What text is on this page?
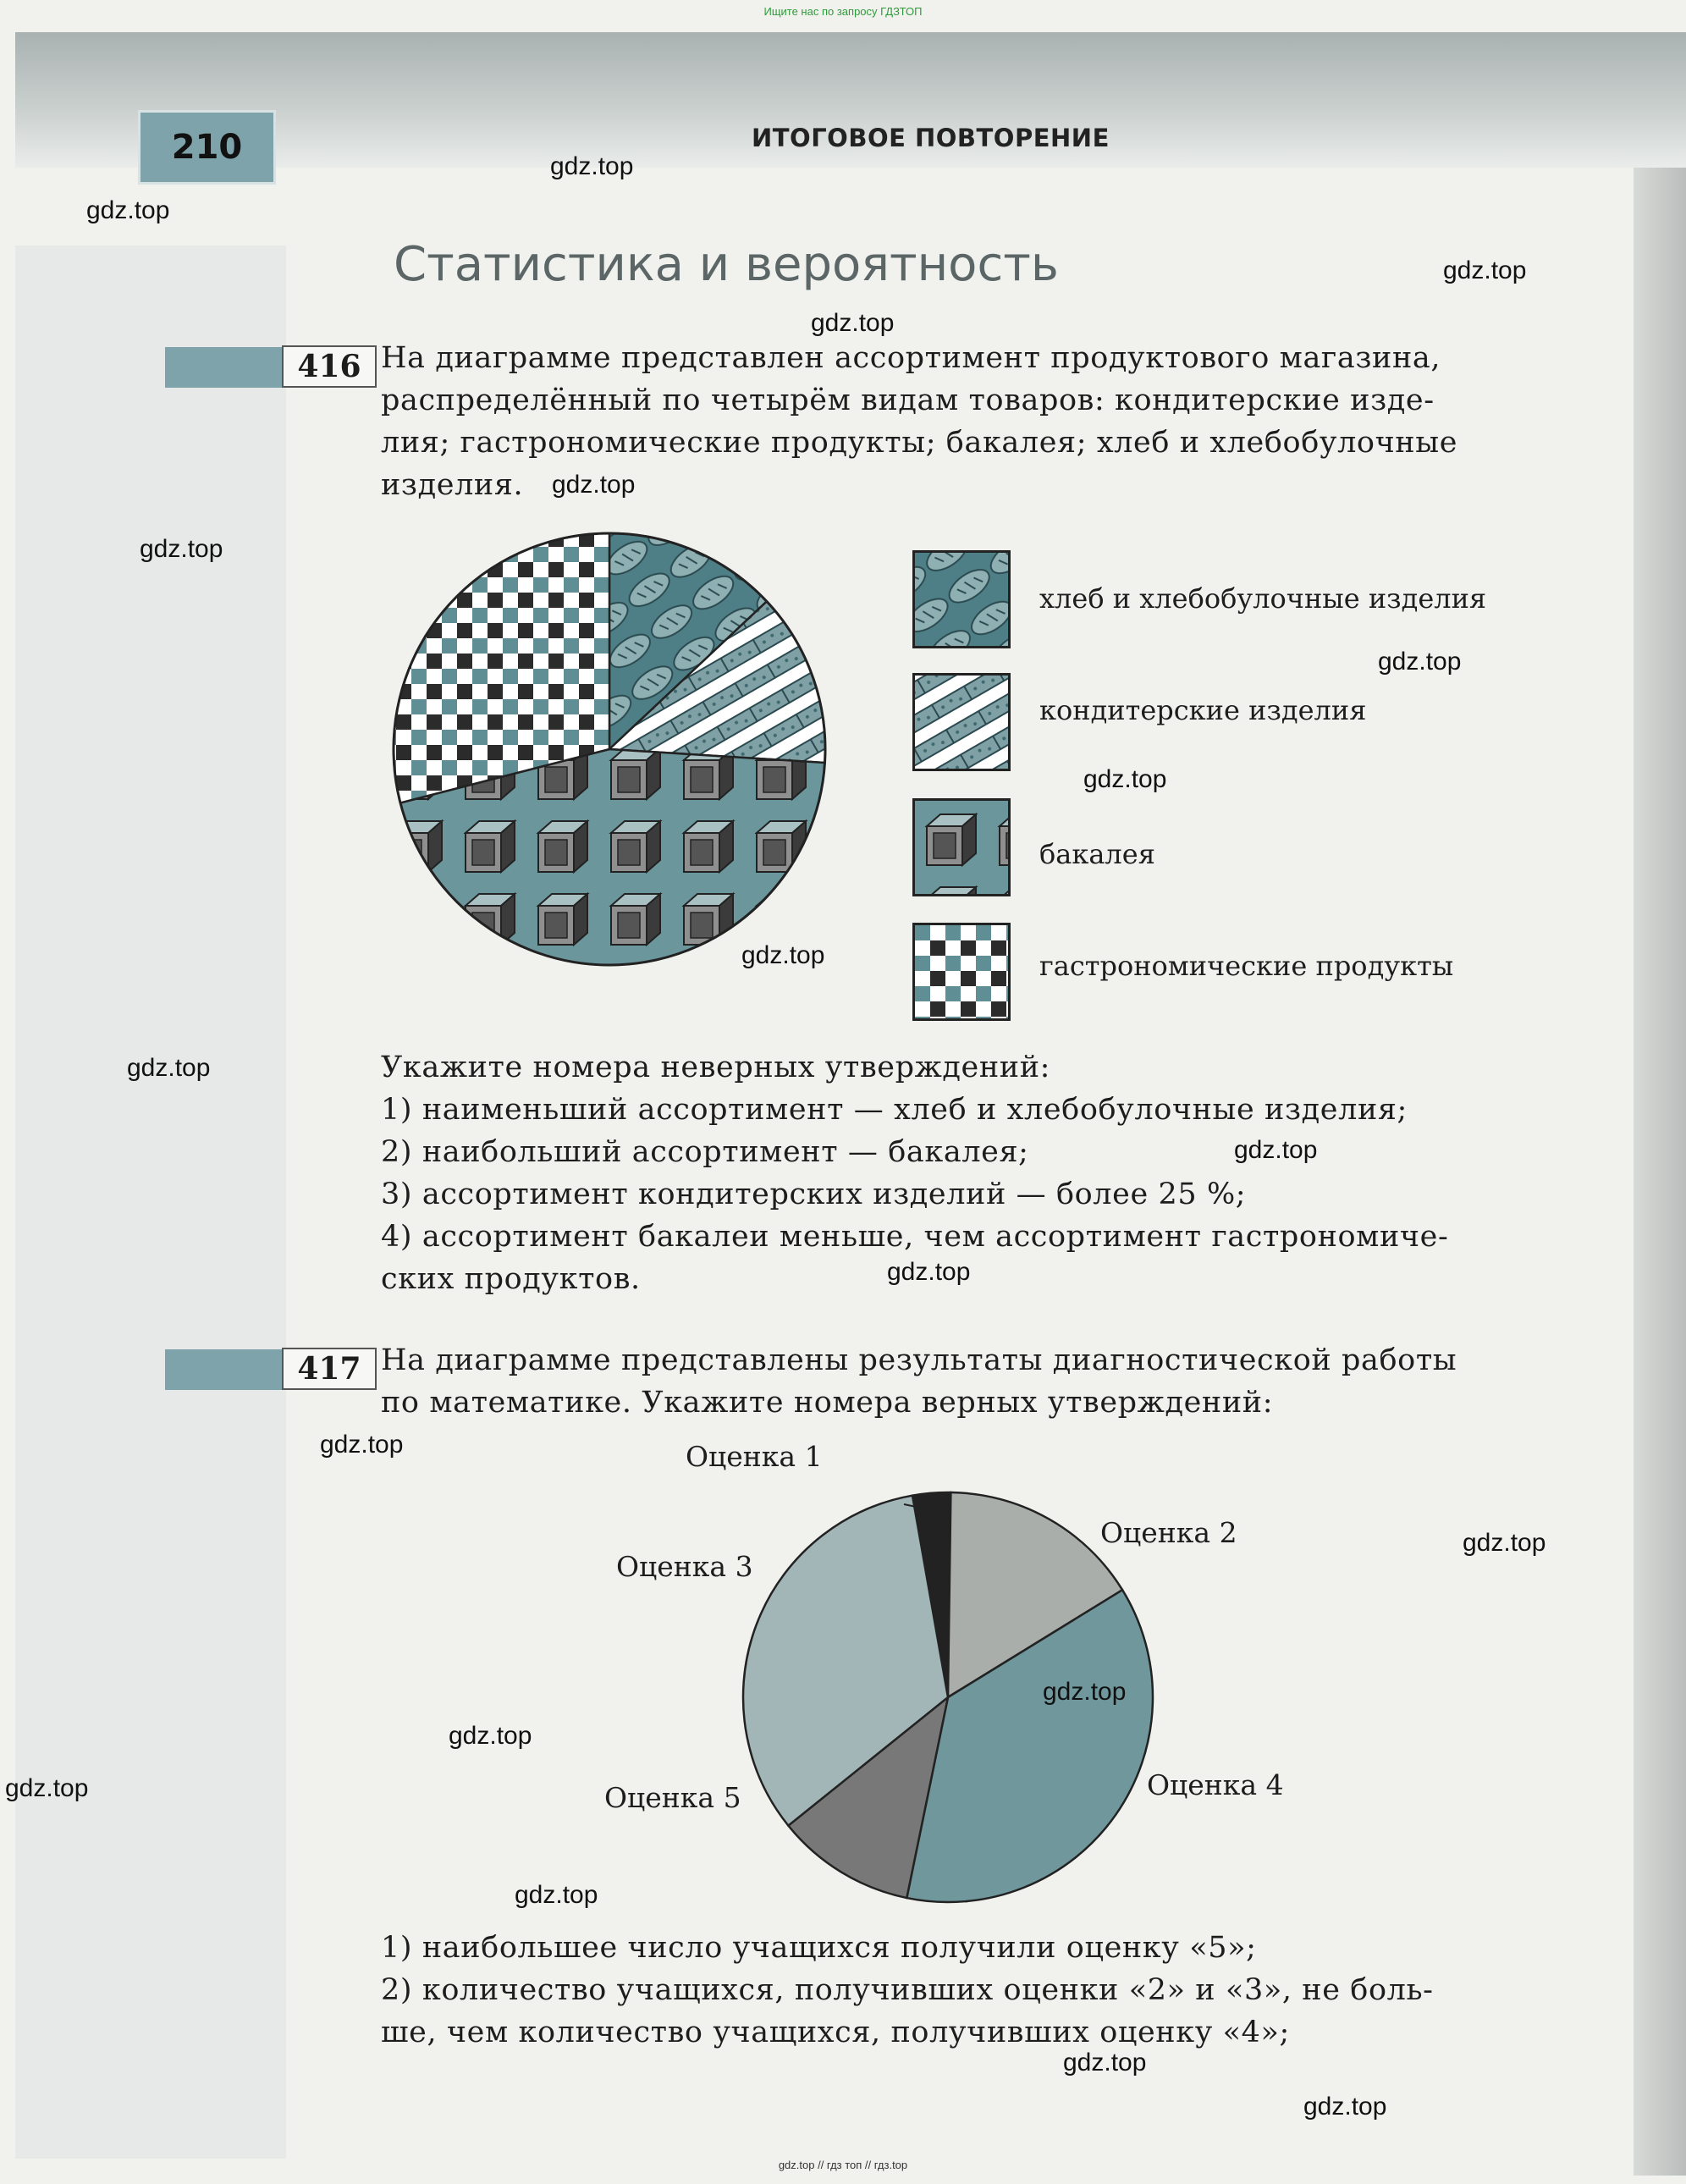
Ищите нас по запросу ГДЗТОП
210	ИТОГОВОЕ ПОВТОРЕНИЕ
Статистика и вероятность
416 На диаграмме представлен ассортимент продуктового магазина,
распределённый по четырём видам товаров: кондитерские изде-
лия; гастрономические продукты; бакалея; хлеб и хлебобулочные
изделия.
хлеб и хлебобулочные изделия
кондитерские изделия
бакалея
гастрономические продукты
Укажите номера неверных утверждений:
1) наименьший ассортимент — хлеб и хлебобулочные изделия;
2) наибольший ассортимент — бакалея;
3) ассортимент кондитерских изделий — более 25 %;
4) ассортимент бакалеи меньше, чем ассортимент гастрономиче-
ских продуктов.
417 На диаграмме представлены результаты диагностической работы
по математике. Укажите номера верных утверждений:
Оценка 1
Оценка 2
Оценка 4
Оценка 5
Оценка 3
1) наибольшее число учащихся получили оценку «5»;
2) количество учащихся, получивших оценки «2» и «3», не боль-
ше, чем количество учащихся, получивших оценку «4»;
gdz.top // гдз топ // гдз.top
gdz.top
gdz.top
gdz.top
gdz.top
gdz.top
gdz.top
gdz.top
gdz.top
gdz.top
gdz.top
gdz.top
gdz.top
gdz.top
gdz.top
gdz.top
gdz.top
gdz.top
gdz.top
gdz.top
gdz.top
